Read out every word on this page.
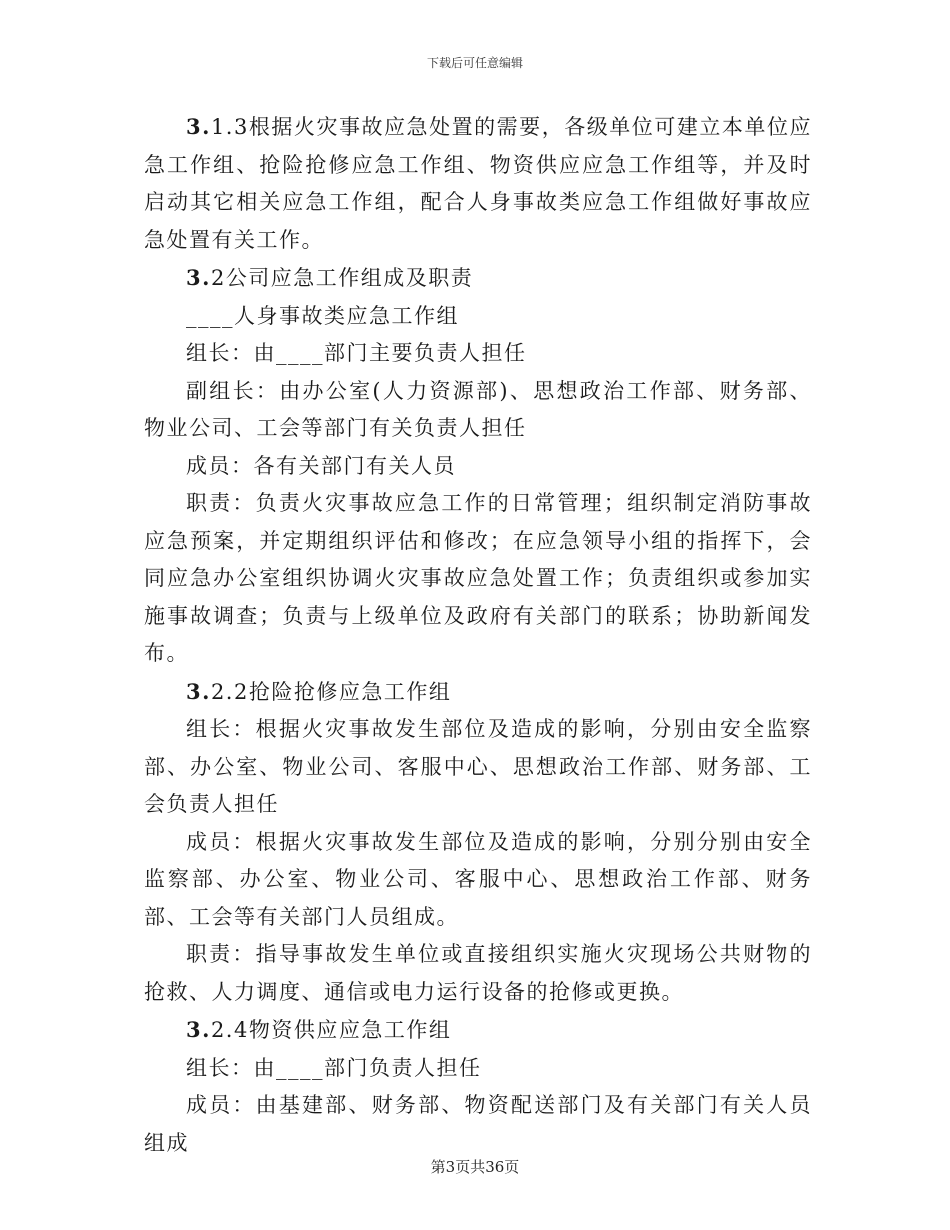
下载后可任意编辑

3.1.3根据火灾事故应急处置的需要，各级单位可建立本单位应急工作组、抢险抢修应急工作组、物资供应应急工作组等，并及时启动其它相关应急工作组，配合人身事故类应急工作组做好事故应急处置有关工作。

3.2公司应急工作组成及职责

____人身事故类应急工作组

组长：由____部门主要负责人担任

副组长：由办公室(人力资源部)、思想政治工作部、财务部、物业公司、工会等部门有关负责人担任

成员：各有关部门有关人员

职责：负责火灾事故应急工作的日常管理；组织制定消防事故应急预案，并定期组织评估和修改；在应急领导小组的指挥下，会同应急办公室组织协调火灾事故应急处置工作；负责组织或参加实施事故调查；负责与上级单位及政府有关部门的联系；协助新闻发布。

3.2.2抢险抢修应急工作组

组长：根据火灾事故发生部位及造成的影响，分别由安全监察部、办公室、物业公司、客服中心、思想政治工作部、财务部、工会负责人担任

成员：根据火灾事故发生部位及造成的影响，分别分别由安全监察部、办公室、物业公司、客服中心、思想政治工作部、财务部、工会等有关部门人员组成。

职责：指导事故发生单位或直接组织实施火灾现场公共财物的抢救、人力调度、通信或电力运行设备的抢修或更换。

3.2.4物资供应应急工作组

组长：由____部门负责人担任

成员：由基建部、财务部、物资配送部门及有关部门有关人员组成

第3页共36页
